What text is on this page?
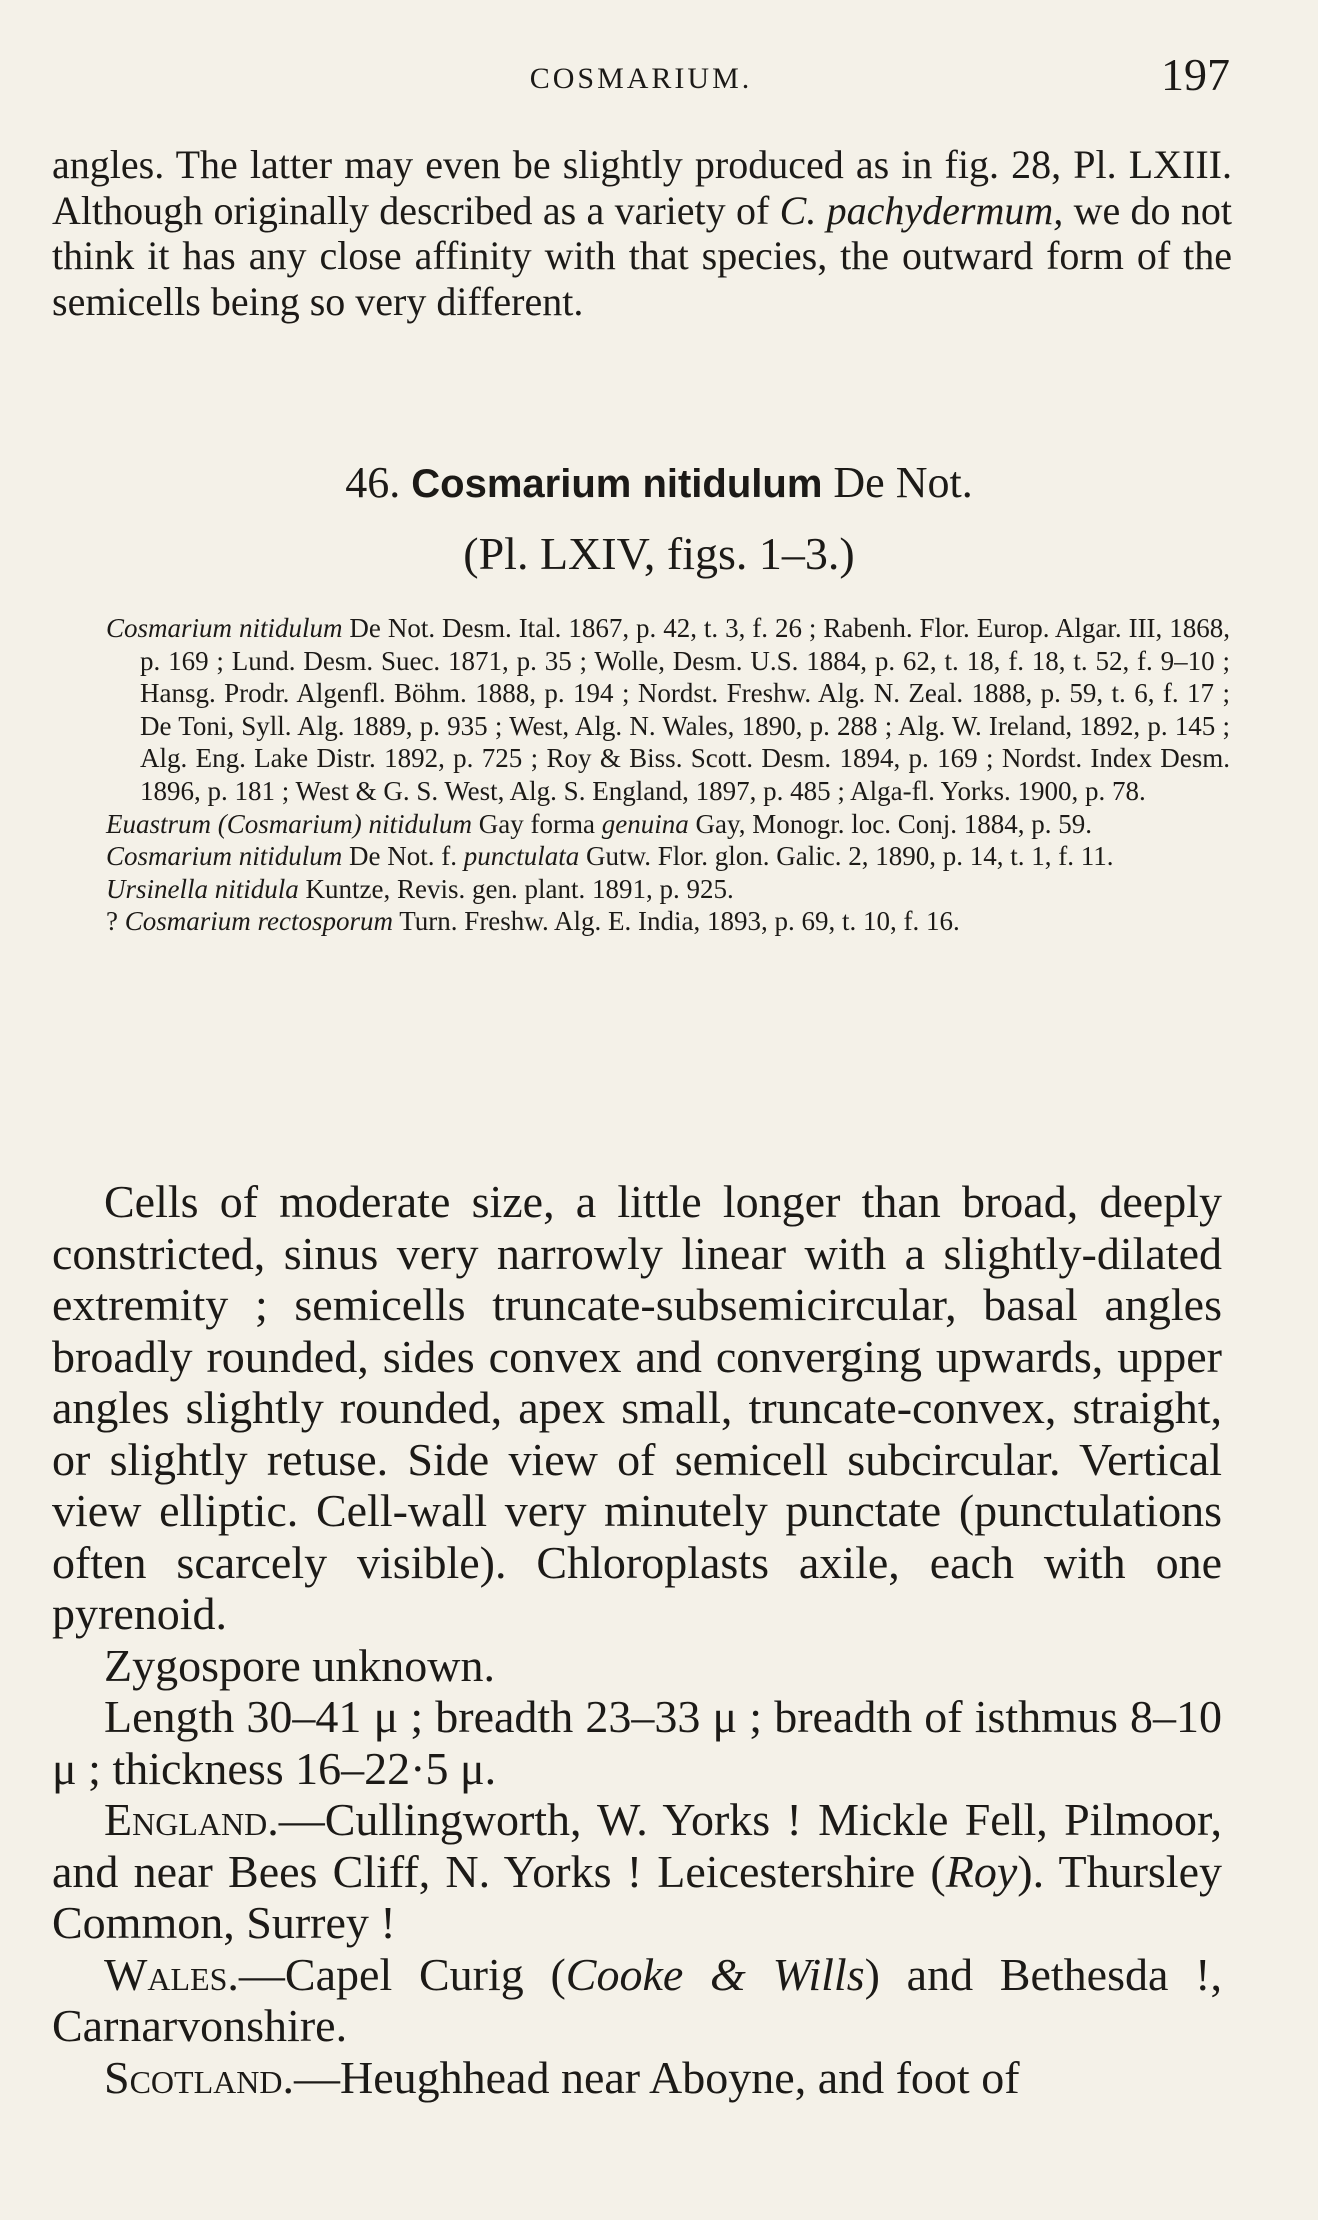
COSMARIUM.	197

angles. The latter may even be slightly produced as in fig. 28, Pl. LXIII. Although originally described as a variety of C. pachydermum, we do not think it has any close affinity with that species, the outward form of the semicells being so very different.

46. Cosmarium nitidulum De Not.
(Pl. LXIV, figs. 1–3.)

Cosmarium nitidulum De Not. Desm. Ital. 1867, p. 42, t. 3, f. 26 ; Rabenh. Flor. Europ. Algar. III, 1868, p. 169 ; Lund. Desm. Suec. 1871, p. 35 ; Wolle, Desm. U.S. 1884, p. 62, t. 18, f. 18, t. 52, f. 9–10 ; Hansg. Prodr. Algenfl. Böhm. 1888, p. 194 ; Nordst. Freshw. Alg. N. Zeal. 1888, p. 59, t. 6, f. 17 ; De Toni, Syll. Alg. 1889, p. 935 ; West, Alg. N. Wales, 1890, p. 288 ; Alg. W. Ireland, 1892, p. 145 ; Alg. Eng. Lake Distr. 1892, p. 725 ; Roy & Biss. Scott. Desm. 1894, p. 169 ; Nordst. Index Desm. 1896, p. 181 ; West & G. S. West, Alg. S. England, 1897, p. 485 ; Alga-fl. Yorks. 1900, p. 78.

Euastrum (Cosmarium) nitidulum Gay forma genuina Gay, Monogr. loc. Conj. 1884, p. 59.

Cosmarium nitidulum De Not. f. punctulata Gutw. Flor. glon. Galic. 2, 1890, p. 14, t. 1, f. 11.

Ursinella nitidula Kuntze, Revis. gen. plant. 1891, p. 925.

? Cosmarium rectosporum Turn. Freshw. Alg. E. India, 1893, p. 69, t. 10, f. 16.

Cells of moderate size, a little longer than broad, deeply constricted, sinus very narrowly linear with a slightly-dilated extremity ; semicells truncate-subsemicircular, basal angles broadly rounded, sides convex and converging upwards, upper angles slightly rounded, apex small, truncate-convex, straight, or slightly retuse. Side view of semicell subcircular. Vertical view elliptic. Cell-wall very minutely punctate (punctulations often scarcely visible). Chloroplasts axile, each with one pyrenoid.

Zygospore unknown.

Length 30–41 μ ; breadth 23–33 μ ; breadth of isthmus 8–10 μ ; thickness 16–22·5 μ.

England.—Cullingworth, W. Yorks ! Mickle Fell, Pilmoor, and near Bees Cliff, N. Yorks ! Leicestershire (Roy). Thursley Common, Surrey !

Wales.—Capel Curig (Cooke & Wills) and Bethesda !, Carnarvonshire.

Scotland.—Heughhead near Aboyne, and foot of
